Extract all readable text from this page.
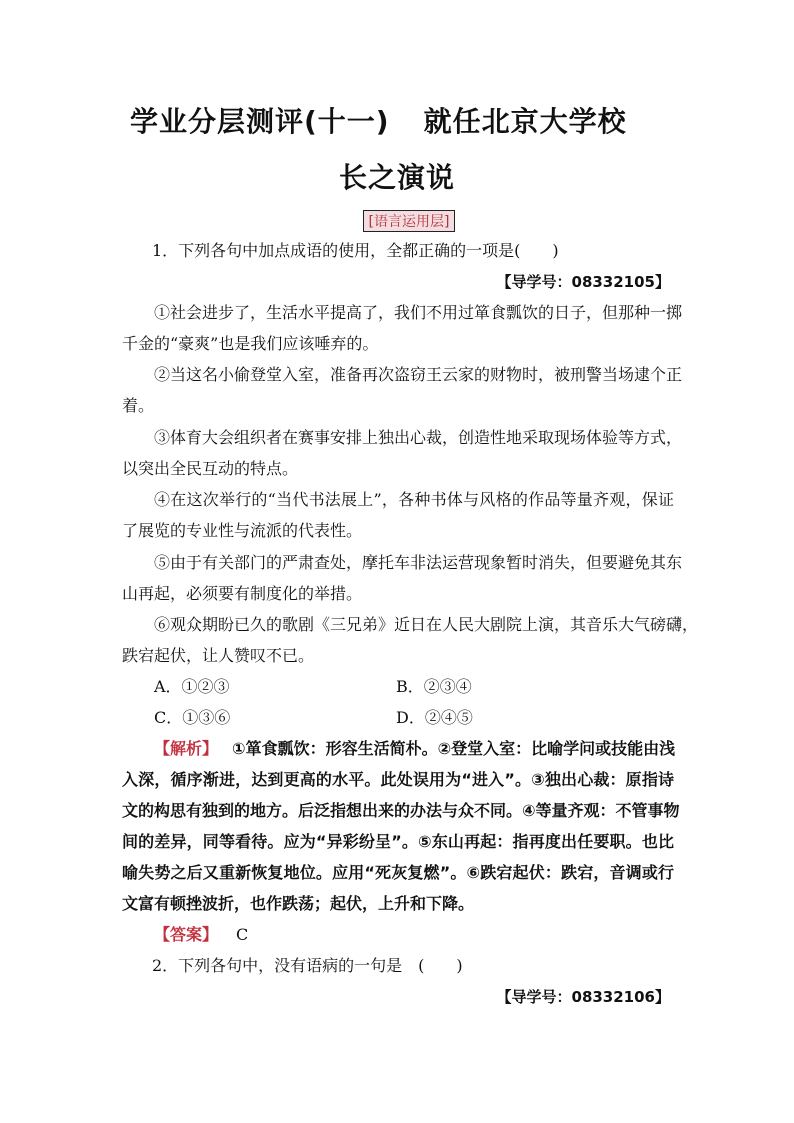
学业分层测评(十一) 就任北京大学校
长之演说
[语言运用层]
1．下列各句中加点成语的使用，全都正确的一项是(　　)
【导学号：08332105】
①社会进步了，生活水平提高了，我们不用过箪食瓢饮的日子，但那种一掷
千金的“豪爽”也是我们应该唾弃的。
②当这名小偷登堂入室，准备再次盗窃王云家的财物时，被刑警当场逮个正
着。
③体育大会组织者在赛事安排上独出心裁，创造性地采取现场体验等方式，
以突出全民互动的特点。
④在这次举行的“当代书法展上”，各种书体与风格的作品等量齐观，保证
了展览的专业性与流派的代表性。
⑤由于有关部门的严肃查处，摩托车非法运营现象暂时消失，但要避免其东
山再起，必须要有制度化的举措。
⑥观众期盼已久的歌剧《三兄弟》近日在人民大剧院上演，其音乐大气磅礴，
跌宕起伏，让人赞叹不已。
A．①②③	B．②③④
C．①③⑥	D．②④⑤
【解析】 ①箪食瓢饮：形容生活简朴。②登堂入室：比喻学问或技能由浅
入深，循序渐进，达到更高的水平。此处误用为“进入”。③独出心裁：原指诗
文的构思有独到的地方。后泛指想出来的办法与众不同。④等量齐观：不管事物
间的差异，同等看待。应为“异彩纷呈”。⑤东山再起：指再度出任要职。也比
喻失势之后又重新恢复地位。应用“死灰复燃”。⑥跌宕起伏：跌宕，音调或行
文富有顿挫波折，也作跌荡；起伏，上升和下降。
【答案】 C
2．下列各句中，没有语病的一句是　(　　)
【导学号：08332106】
